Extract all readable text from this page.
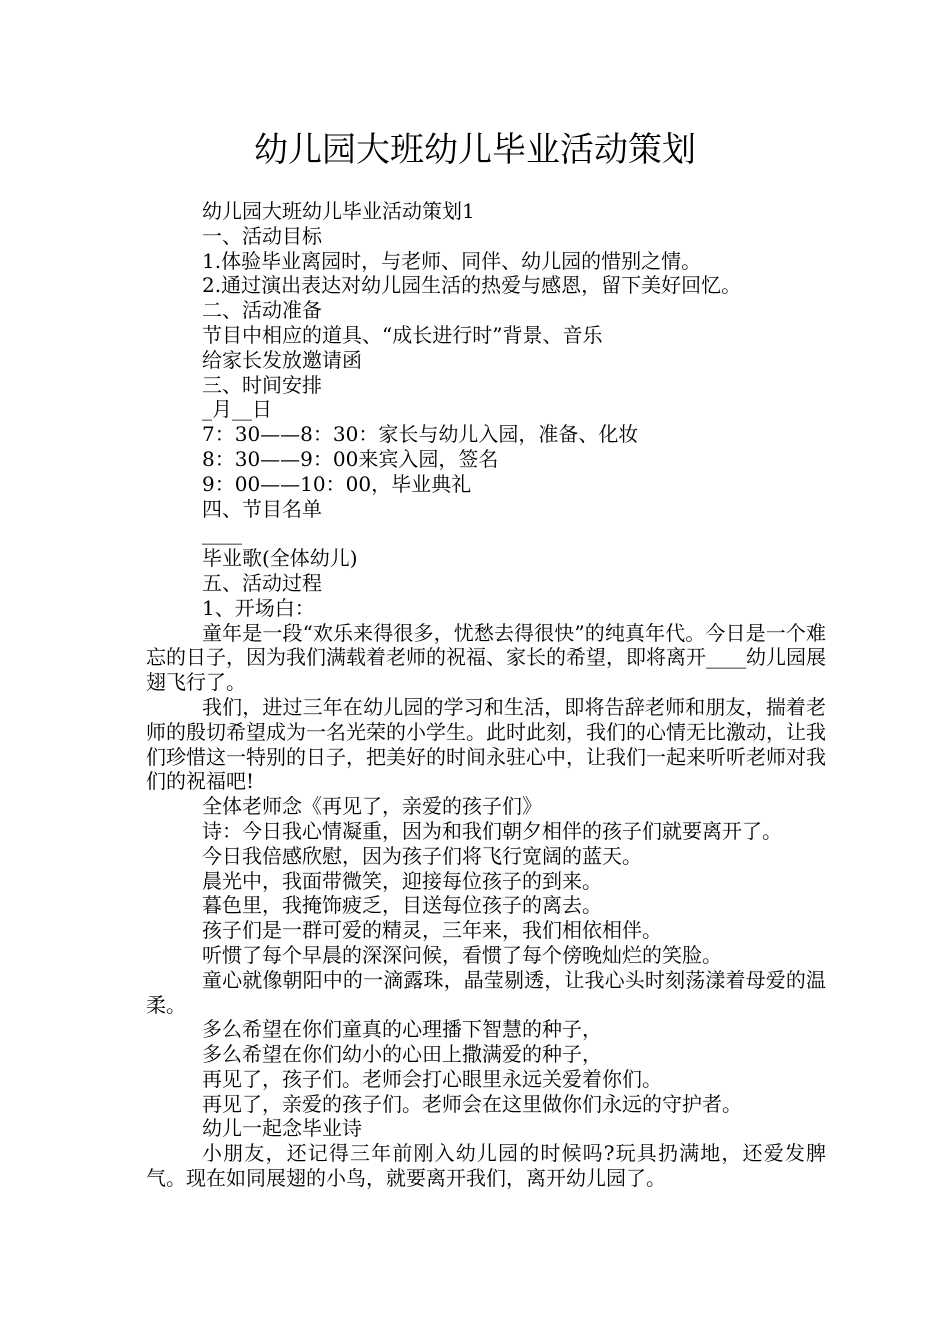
幼儿园大班幼儿毕业活动策划

幼儿园大班幼儿毕业活动策划1

一、活动目标

1.体验毕业离园时，与老师、同伴、幼儿园的惜别之情。

2.通过演出表达对幼儿园生活的热爱与感恩，留下美好回忆。

二、活动准备

节目中相应的道具、“成长进行时”背景、音乐

给家长发放邀请函

三、时间安排

_月__日

7：30——8：30：家长与幼儿入园，准备、化妆

8：30——9：00来宾入园，签名

9：00——10：00，毕业典礼

四、节目名单

____

毕业歌(全体幼儿)

五、活动过程

1、开场白：

童年是一段“欢乐来得很多，忧愁去得很快”的纯真年代。今日是一个难忘的日子，因为我们满载着老师的祝福、家长的希望，即将离开____幼儿园展翅飞行了。

我们，进过三年在幼儿园的学习和生活，即将告辞老师和朋友，揣着老师的殷切希望成为一名光荣的小学生。此时此刻，我们的心情无比激动，让我们珍惜这一特别的日子，把美好的时间永驻心中，让我们一起来听听老师对我们的祝福吧!

全体老师念《再见了，亲爱的孩子们》

诗：今日我心情凝重，因为和我们朝夕相伴的孩子们就要离开了。

今日我倍感欣慰，因为孩子们将飞行宽阔的蓝天。

晨光中，我面带微笑，迎接每位孩子的到来。

暮色里，我掩饰疲乏，目送每位孩子的离去。

孩子们是一群可爱的精灵，三年来，我们相依相伴。

听惯了每个早晨的深深问候，看惯了每个傍晚灿烂的笑脸。

童心就像朝阳中的一滴露珠，晶莹剔透，让我心头时刻荡漾着母爱的温柔。

多么希望在你们童真的心理播下智慧的种子，

多么希望在你们幼小的心田上撒满爱的种子，

再见了，孩子们。老师会打心眼里永远关爱着你们。

再见了，亲爱的孩子们。老师会在这里做你们永远的守护者。

幼儿一起念毕业诗

小朋友，还记得三年前刚入幼儿园的时候吗?玩具扔满地，还爱发脾气。现在如同展翅的小鸟，就要离开我们，离开幼儿园了。
